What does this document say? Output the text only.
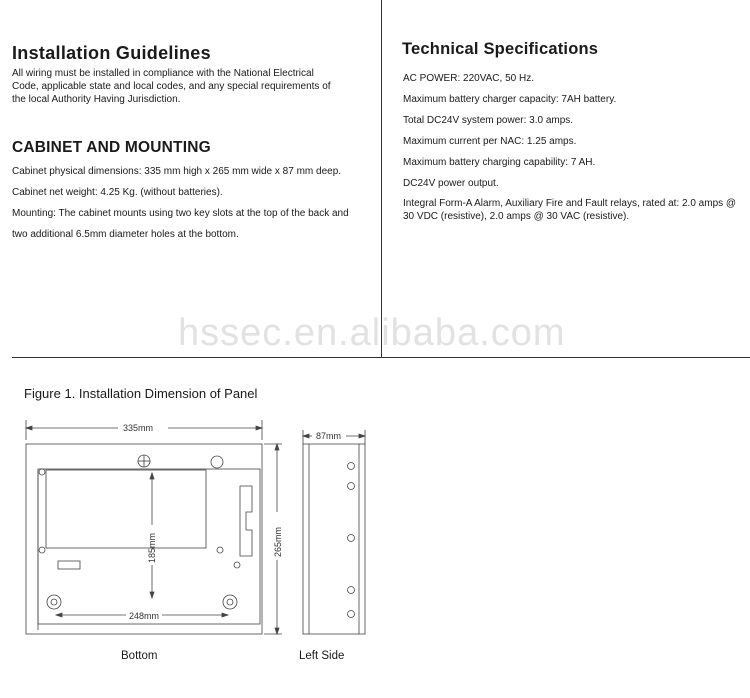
Installation Guidelines
All wiring must be installed in compliance with the National Electrical
Code, applicable state and local codes, and any special requirements of
the local Authority Having Jurisdiction.
CABINET AND MOUNTING
Cabinet physical dimensions: 335 mm high x 265 mm wide x 87 mm deep.
Cabinet net weight: 4.25 Kg. (without batteries).
Mounting: The cabinet mounts using two key slots at the top of the back and
two additional 6.5mm diameter holes at the bottom.
Technical Specifications
AC POWER: 220VAC, 50 Hz.
Maximum battery charger capacity: 7AH battery.
Total DC24V system power: 3.0 amps.
Maximum current per NAC: 1.25 amps.
Maximum battery charging capability: 7 AH.
DC24V power output.
Integral Form-A Alarm, Auxiliary Fire and Fault relays, rated at: 2.0 amps @
30 VDC (resistive), 2.0 amps @ 30 VAC (resistive).
hssec.en.alibaba.com
Figure 1. Installation Dimension of Panel
335mm
248mm
87mm
185mm	265mm
Bottom	Left Side
